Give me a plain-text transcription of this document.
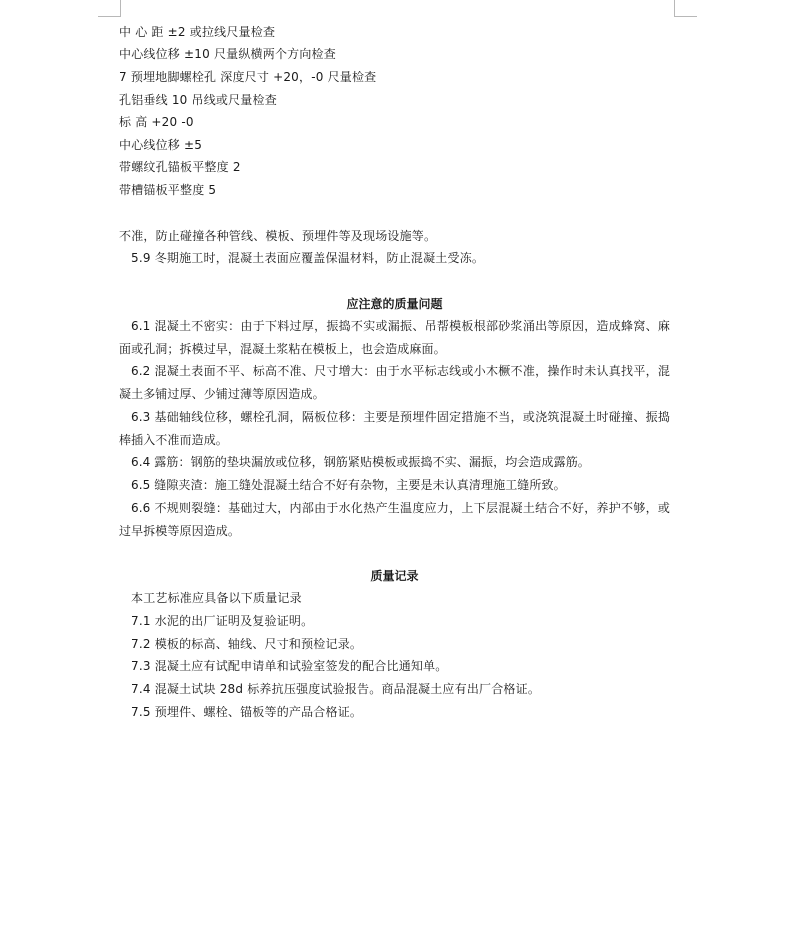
中 心 距 ±2 或拉线尺量检查
中心线位移 ±10 尺量纵横两个方向检查
7 预埋地脚螺栓孔 深度尺寸 +20，-0 尺量检查
孔铝垂线 10 吊线或尺量检查
标 高 +20 -0
中心线位移 ±5
带螺纹孔锚板平整度 2
带槽锚板平整度 5
不准，防止碰撞各种管线、模板、预埋件等及现场设施等。
5.9 冬期施工时，混凝土表面应覆盖保温材料，防止混凝土受冻。
应注意的质量问题
6.1 混凝土不密实：由于下料过厚，振捣不实或漏振、吊帮模板根部砂浆涌出等原因，造成蜂窝、麻面或孔洞；拆模过早，混凝土浆粘在模板上，也会造成麻面。
6.2 混凝土表面不平、标高不准、尺寸增大：由于水平标志线或小木橛不准，操作时未认真找平，混凝土多铺过厚、少铺过薄等原因造成。
6.3 基础轴线位移，螺栓孔洞，隔板位移：主要是预埋件固定措施不当，或浇筑混凝土时碰撞、振捣棒插入不准而造成。
6.4 露筋：钢筋的垫块漏放或位移，钢筋紧贴模板或振捣不实、漏振，均会造成露筋。
6.5 缝隙夹渣：施工缝处混凝土结合不好有杂物，主要是未认真清理施工缝所致。
6.6 不规则裂缝：基础过大，内部由于水化热产生温度应力，上下层混凝土结合不好，养护不够，或过早拆模等原因造成。
质量记录
本工艺标准应具备以下质量记录
7.1 水泥的出厂证明及复验证明。
7.2 模板的标高、轴线、尺寸和预检记录。
7.3 混凝土应有试配申请单和试验室签发的配合比通知单。
7.4 混凝土试块 28d 标养抗压强度试验报告。商品混凝土应有出厂合格证。
7.5 预埋件、螺栓、锚板等的产品合格证。
